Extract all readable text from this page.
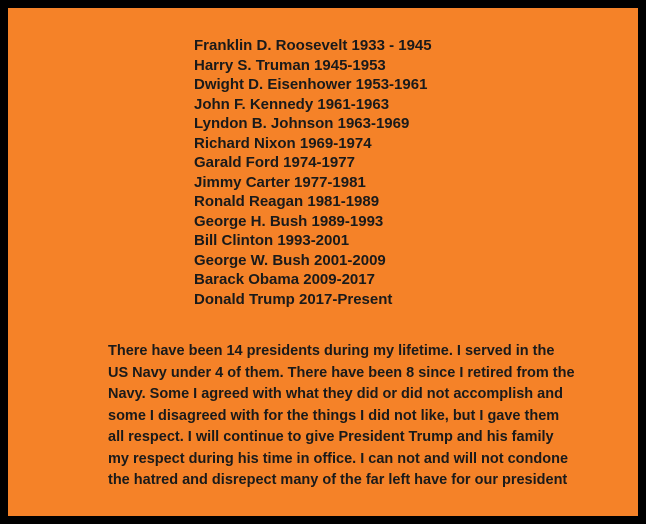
Franklin D. Roosevelt 1933 - 1945
Harry S. Truman 1945-1953
Dwight D. Eisenhower 1953-1961
John F. Kennedy 1961-1963
Lyndon B. Johnson 1963-1969
Richard Nixon 1969-1974
Garald Ford 1974-1977
Jimmy Carter 1977-1981
Ronald Reagan 1981-1989
George H. Bush 1989-1993
Bill Clinton 1993-2001
George W. Bush 2001-2009
Barack Obama 2009-2017
Donald Trump 2017-Present

There have been 14 presidents during my lifetime. I served in the US Navy under 4 of them. There have been 8 since I retired from the Navy. Some I agreed with what they did or did not accomplish and some I disagreed with for the things I did not like, but I gave them all respect. I will continue to give President Trump and his family my respect during his time in office. I can not and will not condone the hatred and disrepect many of the far left have for our president
